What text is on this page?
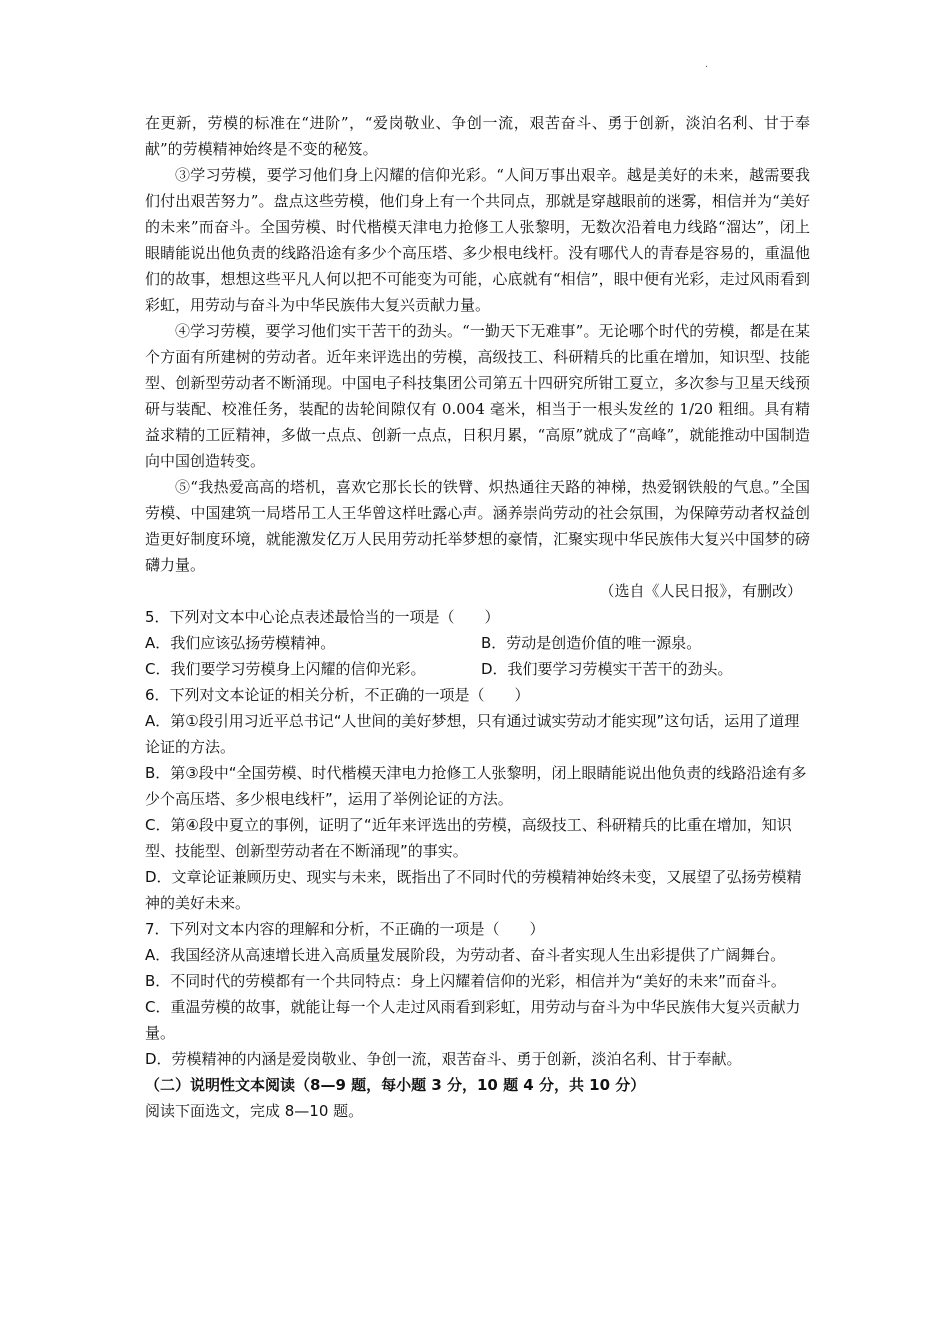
·

在更新，劳模的标准在“进阶”，“爱岗敬业、争创一流，艰苦奋斗、勇于创新，淡泊名利、甘于奉献”的劳模精神始终是不变的秘笈。

③学习劳模，要学习他们身上闪耀的信仰光彩。“人间万事出艰辛。越是美好的未来，越需要我们付出艰苦努力”。盘点这些劳模，他们身上有一个共同点，那就是穿越眼前的迷雾，相信并为“美好的未来”而奋斗。全国劳模、时代楷模天津电力抢修工人张黎明，无数次沿着电力线路“溜达”，闭上眼睛能说出他负责的线路沿途有多少个高压塔、多少根电线杆。没有哪代人的青春是容易的，重温他们的故事，想想这些平凡人何以把不可能变为可能，心底就有“相信”，眼中便有光彩，走过风雨看到彩虹，用劳动与奋斗为中华民族伟大复兴贡献力量。

④学习劳模，要学习他们实干苦干的劲头。“一勤天下无难事”。无论哪个时代的劳模，都是在某个方面有所建树的劳动者。近年来评选出的劳模，高级技工、科研精兵的比重在增加，知识型、技能型、创新型劳动者不断涌现。中国电子科技集团公司第五十四研究所钳工夏立，多次参与卫星天线预研与装配、校准任务，装配的齿轮间隙仅有 0.004 毫米，相当于一根头发丝的 1/20 粗细。具有精益求精的工匠精神，多做一点点、创新一点点，日积月累，“高原”就成了“高峰”，就能推动中国制造向中国创造转变。

⑤“我热爱高高的塔机，喜欢它那长长的铁臂、炽热通往天路的神梯，热爱钢铁般的气息。”全国劳模、中国建筑一局塔吊工人王华曾这样吐露心声。涵养崇尚劳动的社会氛围，为保障劳动者权益创造更好制度环境，就能激发亿万人民用劳动托举梦想的豪情，汇聚实现中华民族伟大复兴中国梦的磅礴力量。

（选自《人民日报》，有删改）

5．下列对文本中心论点表述最恰当的一项是（　　）

A．我们应该弘扬劳模精神。	B．劳动是创造价值的唯一源泉。
C．我们要学习劳模身上闪耀的信仰光彩。	D．我们要学习劳模实干苦干的劲头。

6．下列对文本论证的相关分析，不正确的一项是（　　）

A．第①段引用习近平总书记“人世间的美好梦想，只有通过诚实劳动才能实现”这句话，运用了道理论证的方法。

B．第③段中“全国劳模、时代楷模天津电力抢修工人张黎明，闭上眼睛能说出他负责的线路沿途有多少个高压塔、多少根电线杆”，运用了举例论证的方法。

C．第④段中夏立的事例，证明了“近年来评选出的劳模，高级技工、科研精兵的比重在增加，知识型、技能型、创新型劳动者在不断涌现”的事实。

D．文章论证兼顾历史、现实与未来，既指出了不同时代的劳模精神始终未变，又展望了弘扬劳模精神的美好未来。

7．下列对文本内容的理解和分析，不正确的一项是（　　）

A．我国经济从高速增长进入高质量发展阶段，为劳动者、奋斗者实现人生出彩提供了广阔舞台。

B．不同时代的劳模都有一个共同特点：身上闪耀着信仰的光彩，相信并为“美好的未来”而奋斗。

C．重温劳模的故事，就能让每一个人走过风雨看到彩虹，用劳动与奋斗为中华民族伟大复兴贡献力量。

D．劳模精神的内涵是爱岗敬业、争创一流，艰苦奋斗、勇于创新，淡泊名利、甘于奉献。

（二）说明性文本阅读（8—9 题，每小题 3 分，10 题 4 分，共 10 分）

阅读下面选文，完成 8—10 题。
